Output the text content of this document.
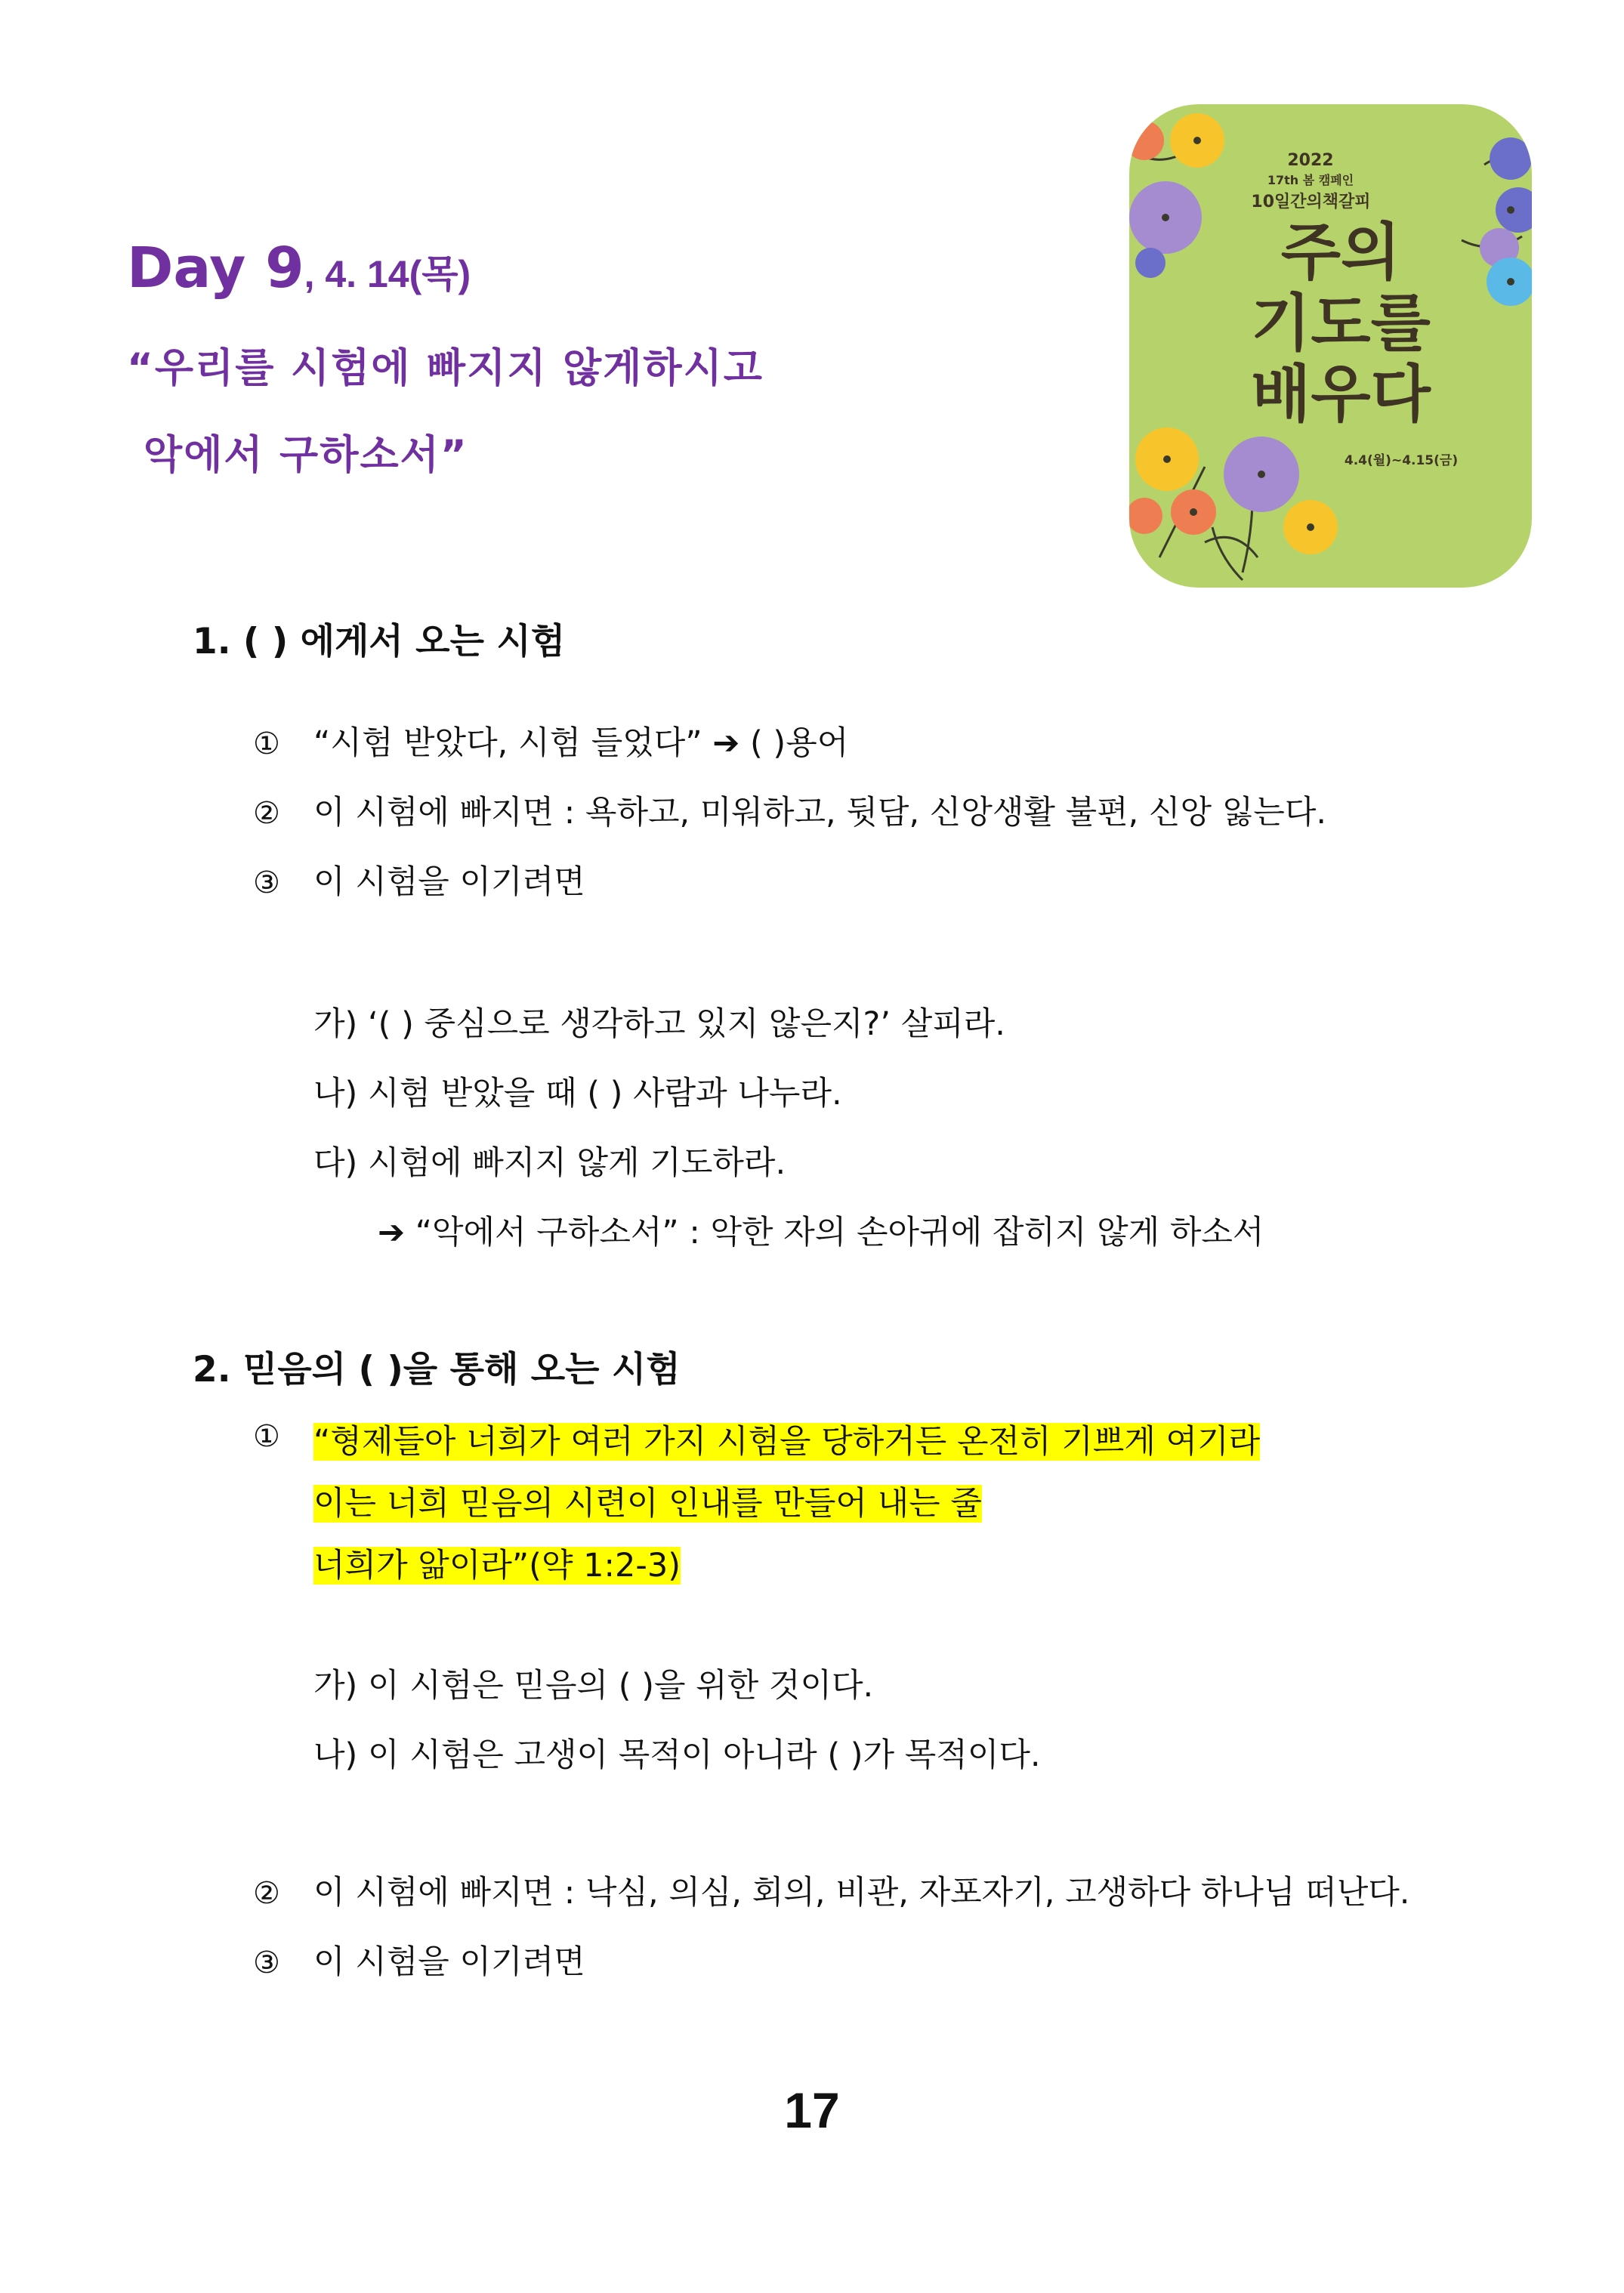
Day 9, 4. 14(목)
“우리를 시험에 빠지지 않게하시고
악에서 구하소서”
2022
17th 봄 캠페인
10일간의책갈피
주의
기도를
배우다
4.4(월)~4.15(금)
1. ( ) 에게서 오는 시험
① “시험 받았다, 시험 들었다” ➔ ( )용어
② 이 시험에 빠지면 : 욕하고, 미워하고, 뒷담, 신앙생활 불편, 신앙 잃는다.
③ 이 시험을 이기려면
가) ‘( ) 중심으로 생각하고 있지 않은지?’ 살피라.
나) 시험 받았을 때 ( ) 사람과 나누라.
다) 시험에 빠지지 않게 기도하라.
➔ “악에서 구하소서” : 악한 자의 손아귀에 잡히지 않게 하소서
2. 믿음의 ( )을 통해 오는 시험
①	“형제들아 너희가 여러 가지 시험을 당하거든 온전히 기쁘게 여기라
이는 너희 믿음의 시련이 인내를 만들어 내는 줄
너희가 앎이라”(약 1:2-3)
가) 이 시험은 믿음의 ( )을 위한 것이다.
나) 이 시험은 고생이 목적이 아니라 ( )가 목적이다.
② 이 시험에 빠지면 : 낙심, 의심, 회의, 비관, 자포자기, 고생하다 하나님 떠난다.
③ 이 시험을 이기려면
17
